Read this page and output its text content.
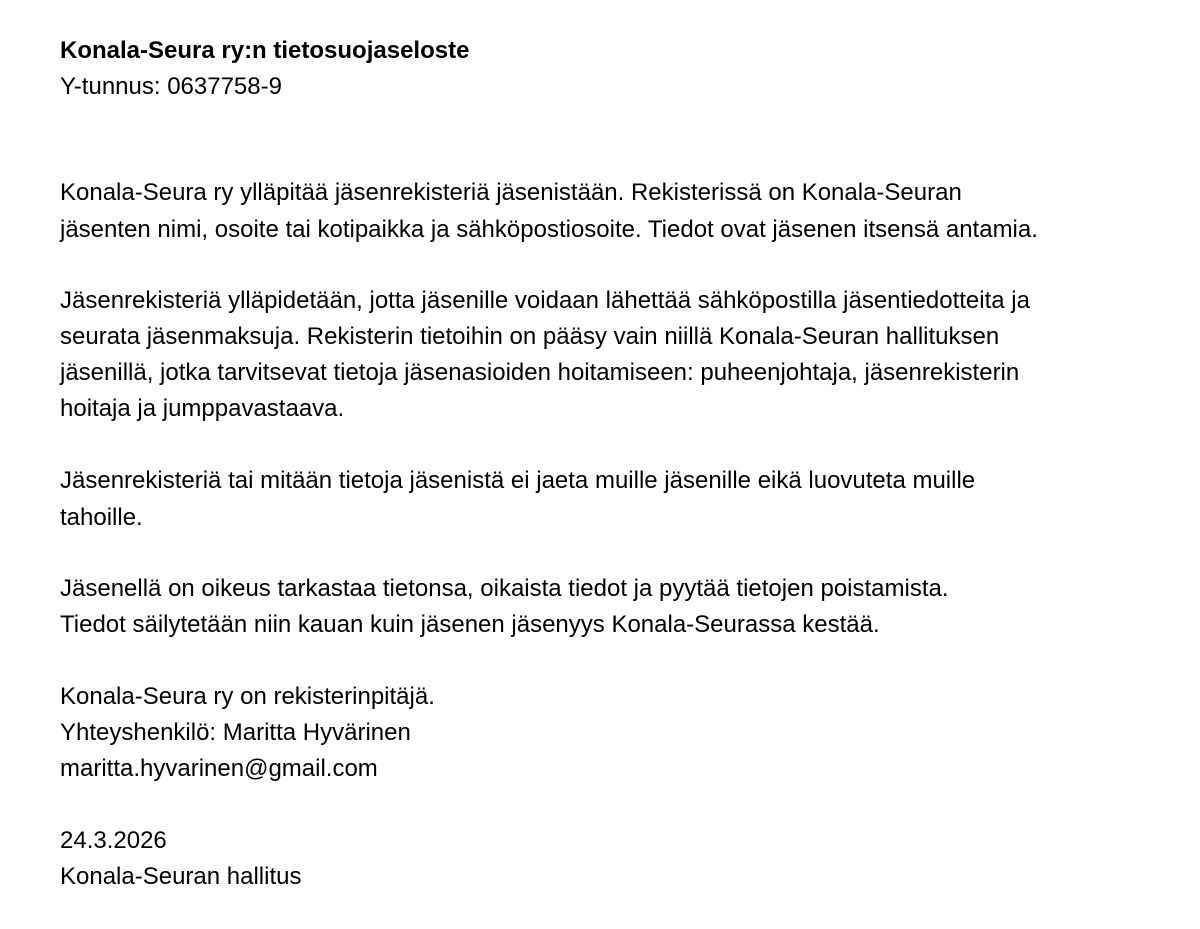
Konala-Seura ry:n tietosuojaseloste
Y-tunnus: 0637758-9
Konala-Seura ry ylläpitää jäsenrekisteriä jäsenistään. Rekisterissä on Konala-Seuran
jäsenten nimi, osoite tai kotipaikka ja sähköpostiosoite. Tiedot ovat jäsenen itsensä antamia.
Jäsenrekisteriä ylläpidetään, jotta jäsenille voidaan lähettää sähköpostilla jäsentiedotteita ja
seurata jäsenmaksuja. Rekisterin tietoihin on pääsy vain niillä Konala-Seuran hallituksen
jäsenillä, jotka tarvitsevat tietoja jäsenasioiden hoitamiseen: puheenjohtaja, jäsenrekisterin
hoitaja ja jumppavastaava.
Jäsenrekisteriä tai mitään tietoja jäsenistä ei jaeta muille jäsenille eikä luovuteta muille
tahoille.
Jäsenellä on oikeus tarkastaa tietonsa, oikaista tiedot ja pyytää tietojen poistamista.
Tiedot säilytetään niin kauan kuin jäsenen jäsenyys Konala-Seurassa kestää.
Konala-Seura ry on rekisterinpitäjä.
Yhteyshenkilö: Maritta Hyvärinen
maritta.hyvarinen@gmail.com
24.3.2026
Konala-Seuran hallitus
